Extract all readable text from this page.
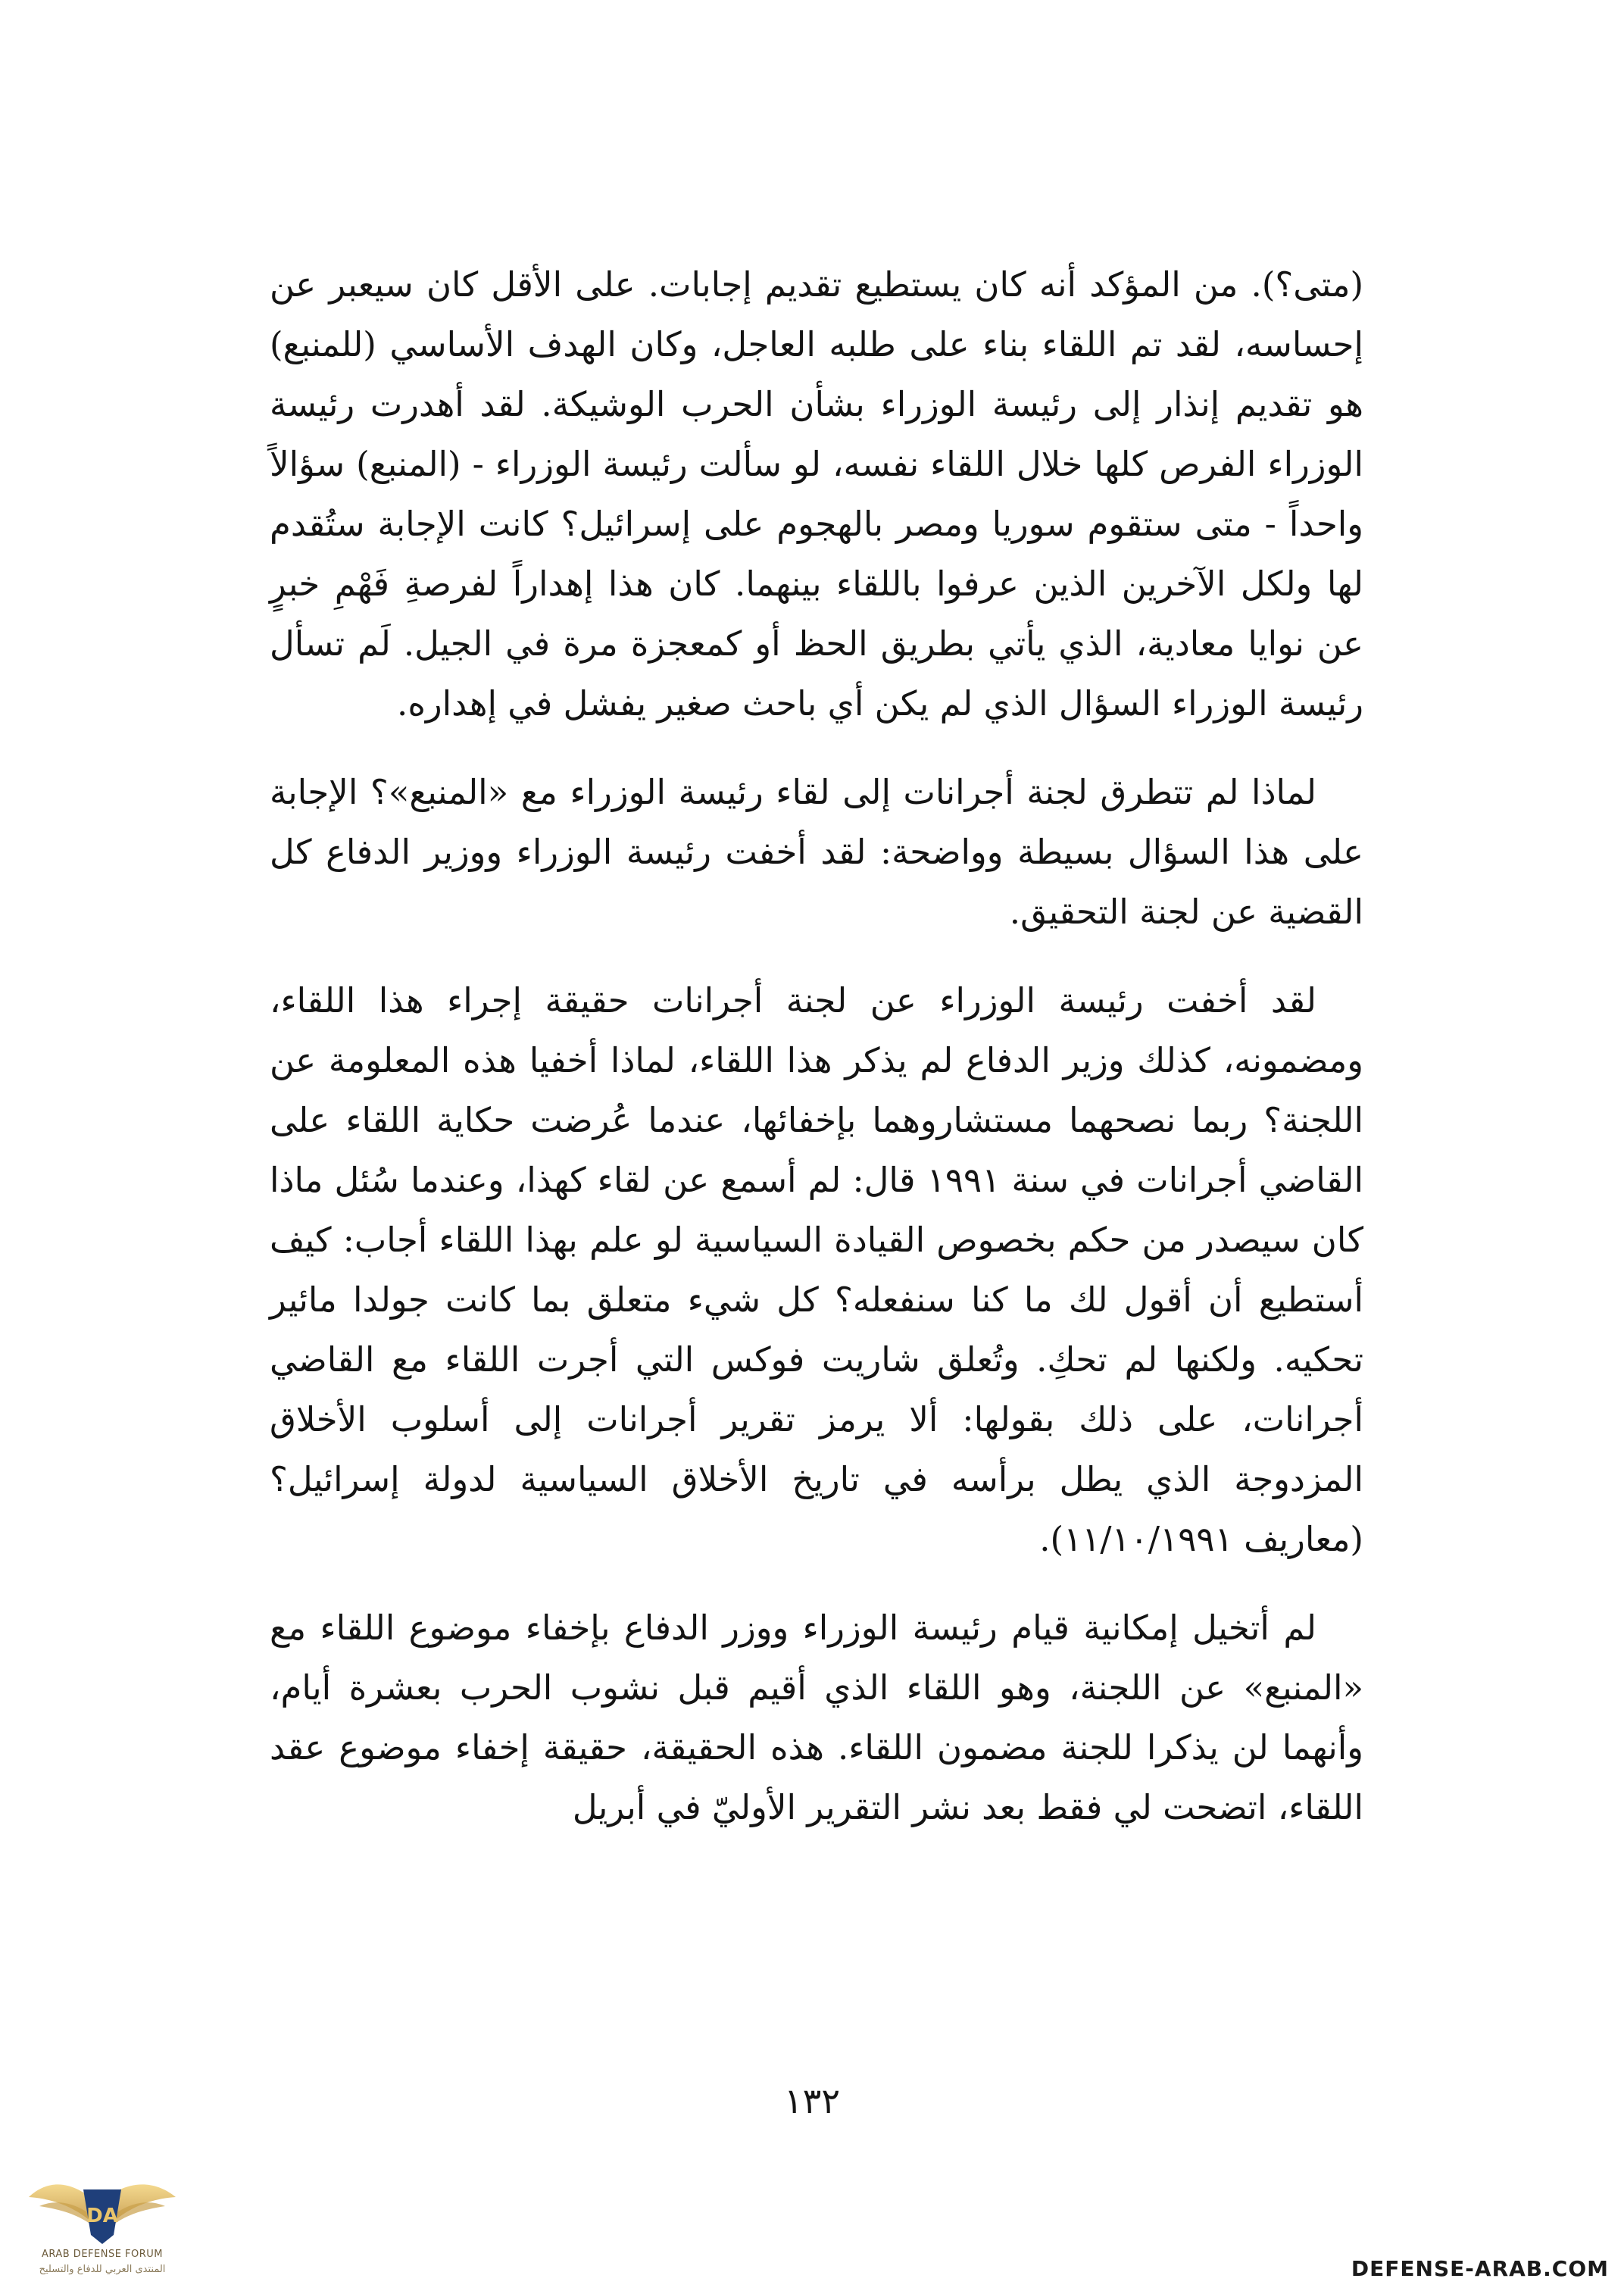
(متى؟). من المؤكد أنه كان يستطيع تقديم إجابات. على الأقل كان سيعبر عن إحساسه، لقد تم اللقاء بناء على طلبه العاجل، وكان الهدف الأساسي (للمنبع) هو تقديم إنذار إلى رئيسة الوزراء بشأن الحرب الوشيكة. لقد أهدرت رئيسة الوزراء الفرص كلها خلال اللقاء نفسه، لو سألت رئيسة الوزراء - (المنبع) سؤالاً واحداً - متى ستقوم سوريا ومصر بالهجوم على إسرائيل؟ كانت الإجابة ستُقدم لها ولكل الآخرين الذين عرفوا باللقاء بينهما. كان هذا إهداراً لفرصةِ فَهْمِ خبرٍ عن نوايا معادية، الذي يأتي بطريق الحظ أو كمعجزة مرة في الجيل. لَم تسأل رئيسة الوزراء السؤال الذي لم يكن أي باحث صغير يفشل في إهداره.

لماذا لم تتطرق لجنة أجرانات إلى لقاء رئيسة الوزراء مع «المنبع»؟ الإجابة على هذا السؤال بسيطة وواضحة: لقد أخفت رئيسة الوزراء ووزير الدفاع كل القضية عن لجنة التحقيق.

لقد أخفت رئيسة الوزراء عن لجنة أجرانات حقيقة إجراء هذا اللقاء، ومضمونه، كذلك وزير الدفاع لم يذكر هذا اللقاء، لماذا أخفيا هذه المعلومة عن اللجنة؟ ربما نصحهما مستشاروهما بإخفائها، عندما عُرضت حكاية اللقاء على القاضي أجرانات في سنة ١٩٩١ قال: لم أسمع عن لقاء كهذا، وعندما سُئل ماذا كان سيصدر من حكم بخصوص القيادة السياسية لو علم بهذا اللقاء أجاب: كيف أستطيع أن أقول لك ما كنا سنفعله؟ كل شيء متعلق بما كانت جولدا مائير تحكيه. ولكنها لم تحكِ. وتُعلق شاريت فوكس التي أجرت اللقاء مع القاضي أجرانات، على ذلك بقولها: ألا يرمز تقرير أجرانات إلى أسلوب الأخلاق المزدوجة الذي يطل برأسه في تاريخ الأخلاق السياسية لدولة إسرائيل؟ (معاريف ١١/١٠/١٩٩١).

لم أتخيل إمكانية قيام رئيسة الوزراء ووزر الدفاع بإخفاء موضوع اللقاء مع «المنبع» عن اللجنة، وهو اللقاء الذي أقيم قبل نشوب الحرب بعشرة أيام، وأنهما لن يذكرا للجنة مضمون اللقاء. هذه الحقيقة، حقيقة إخفاء موضوع عقد اللقاء، اتضحت لي فقط بعد نشر التقرير الأوليّ في أبريل

١٣٢
DA
ARAB DEFENSE FORUM
المنتدى العربي للدفاع والتسليح	DEFENSE-ARAB.COM
